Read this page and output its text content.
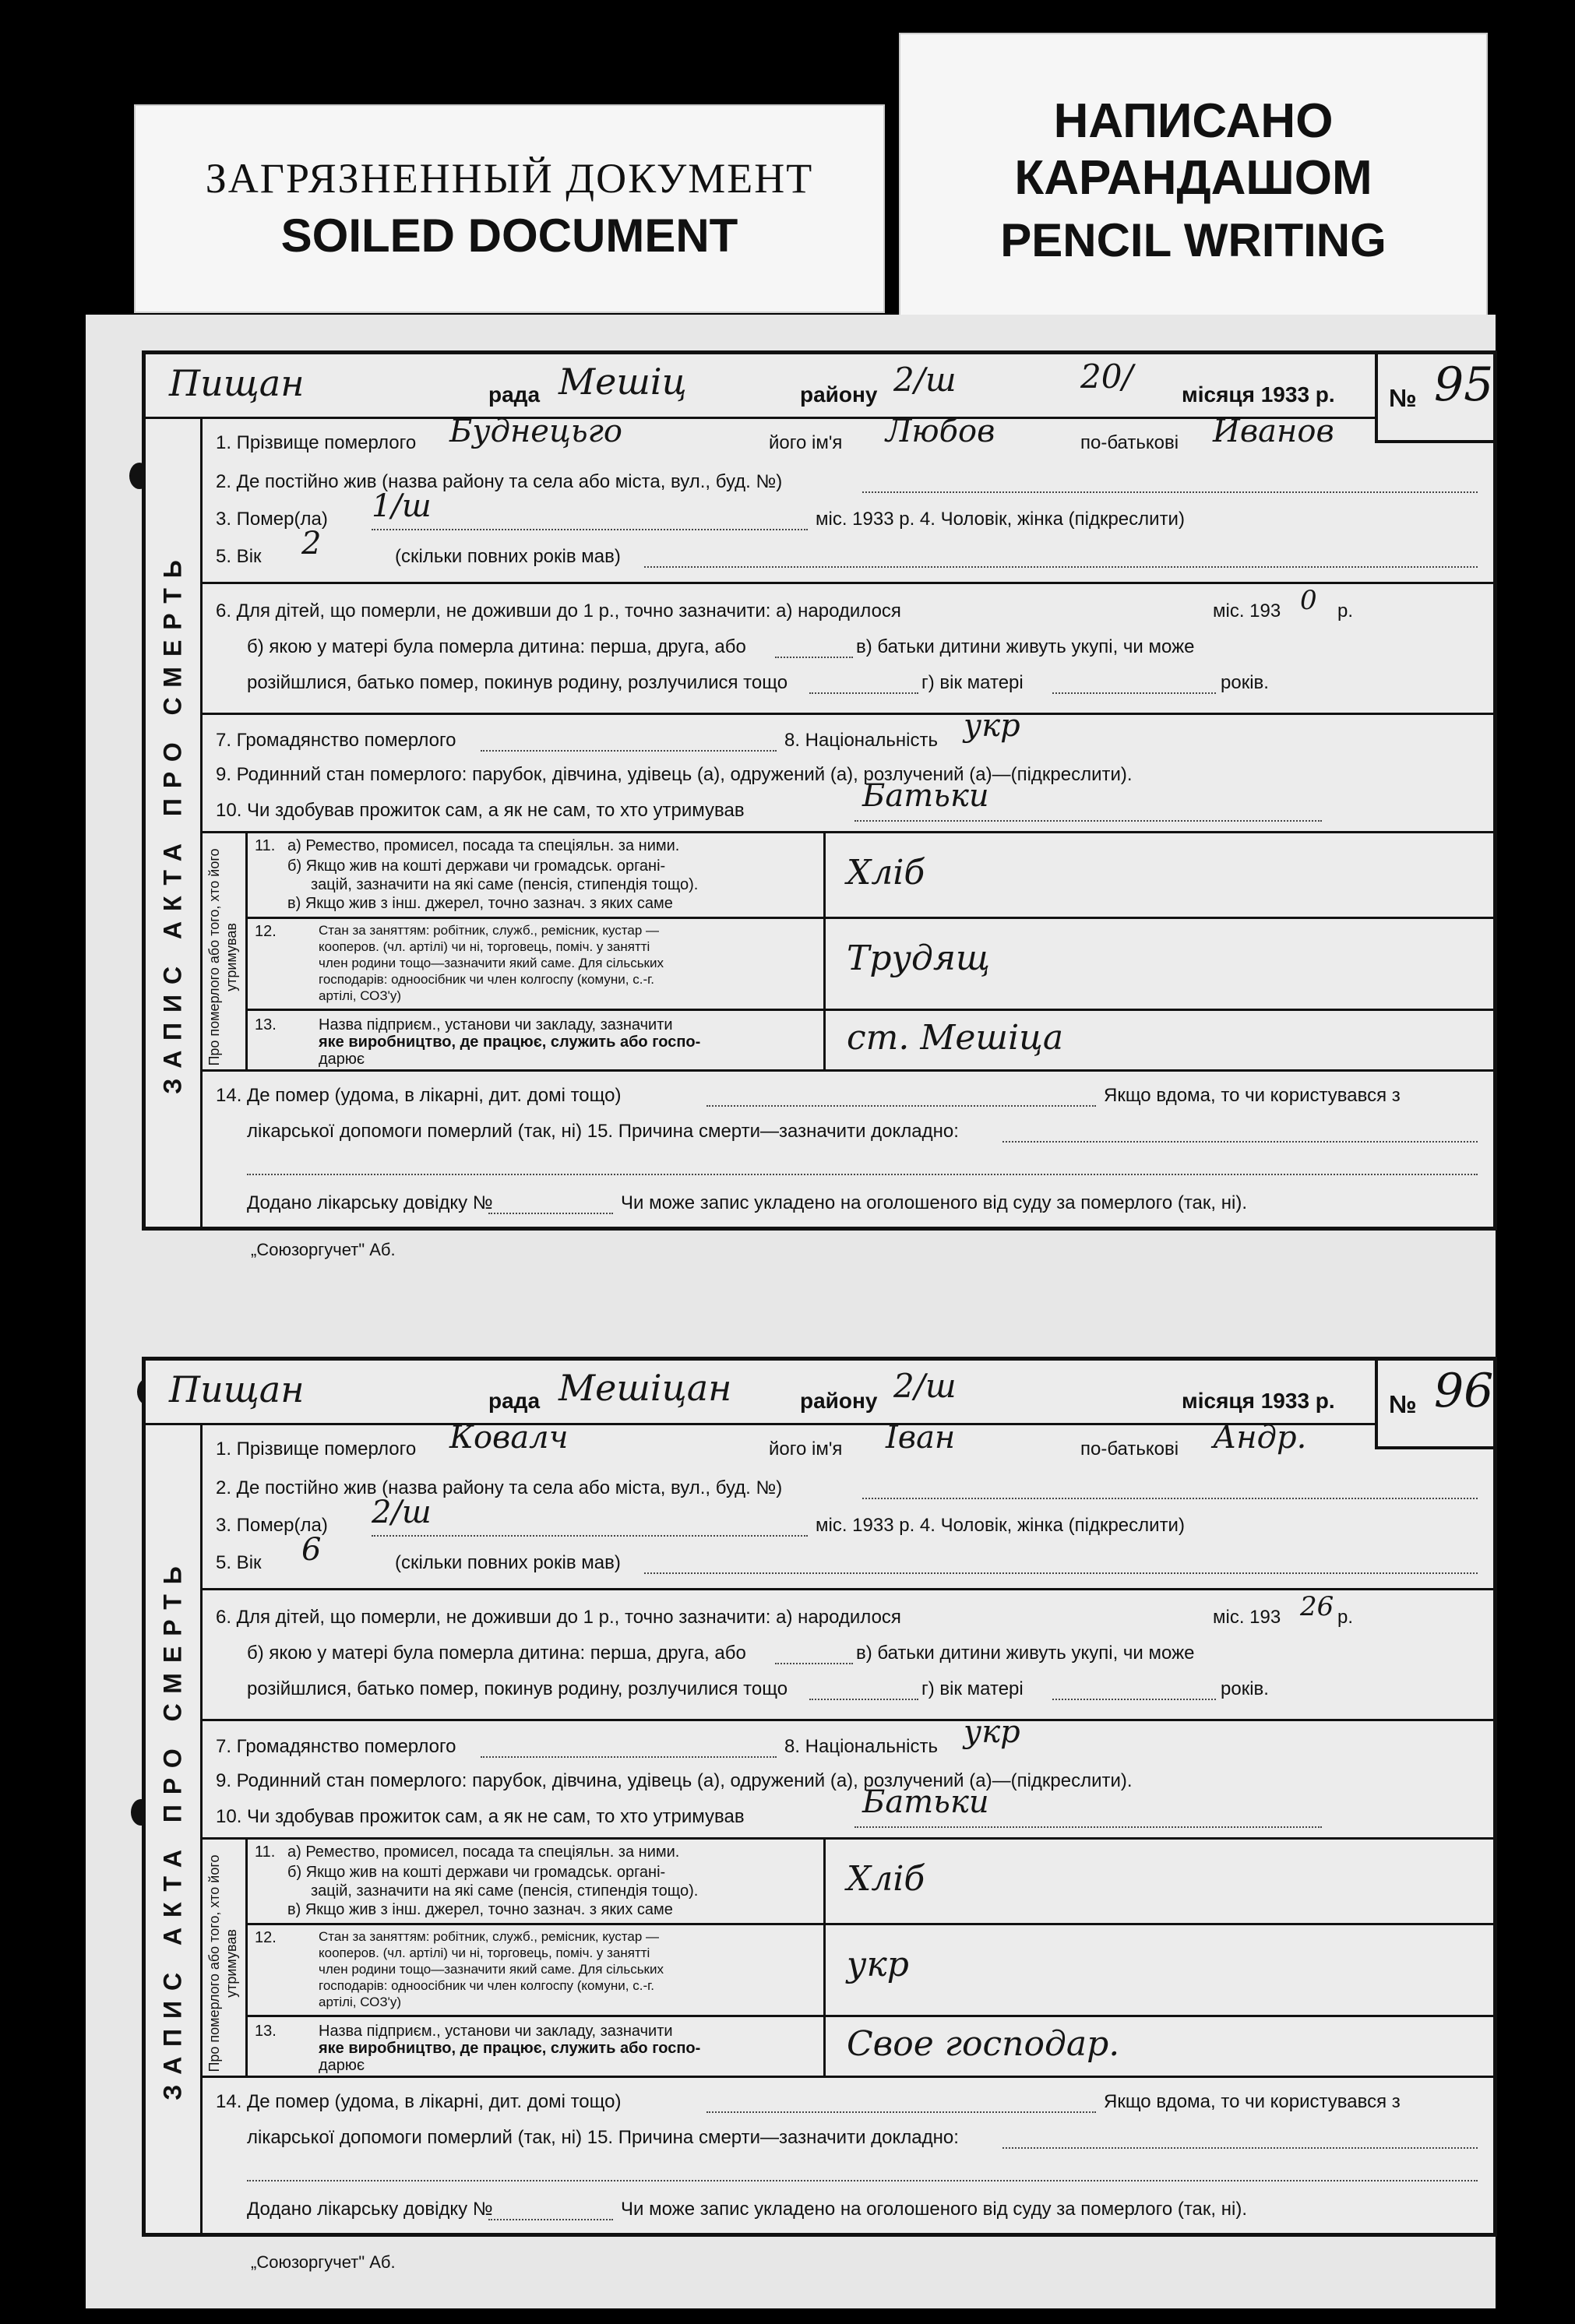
ЗАГРЯЗНЕННЫЙ ДОКУМЕНТ
SOILED DOCUMENT
НАПИСАНО
КАРАНДАШОМ
PENCIL WRITING
Пищан	рада Мешіц	району 2/ш	20/ місяця 1933 р. № 95
ЗАПИС АКТА ПРО СМЕРТЬ
1. Прізвище померлого Буднецьго	його ім'я Любов	по-батькові Иванов
2. Де постійно жив (назва району та села або міста, вул., буд. №)
3. Помер(ла) 1/ш	міс. 1933 р. 4. Чоловік, жінка (підкреслити)
5. Вік 2	(скільки повних років мав)
6. Для дітей, що померли, не доживши до 1 р., точно зазначити: а) народилося	міс. 193 0 р.
б) якою у матері була померла дитина: перша, друга, або	в) батьки дитини живуть укупі, чи може
розійшлися, батько помер, покинув родину, розлучилися тощо	г) вік матері	років.
7. Громадянство померлого	8. Національність укр
9. Родинний стан померлого: парубок, дівчина, удівець (а), одружений (а), розлучений (а)—(підкреслити).
10. Чи здобував прожиток сам, а як не сам, то хто утримував	Батьки
Про померлого або того, хто його утримував
11. а) Ремество, промисел, посада та спеціяльн. за ними.
б) Якщо жив на коштi держави чи громадськ. органі-
зацій, зазначити на які саме (пенсія, стипендія тощо).
в) Якщо жив з інш. джерел, точно зазнач. з яких саме
Хліб
12.	Стан за заняттям: робітник, служб., ремісник, кустар —
кооперов. (чл. артілі) чи ні, торговець, поміч. у занятті
член родини тощо—зазначити який саме. Для сільських
господарів: одноосібник чи член колгоспу (комуни, с.-г.
артілі, СОЗ'у)
Трудящ
13.	Назва підприєм., установи чи закладу, зазначити
яке виробництво, де працює, служить або госпо-
дарює
ст. Мешіца
14. Де помер (удома, в лікарні, дит. домі тощо)	Якщо вдома, то чи користувався з
лікарської допомоги померлий (так, ні) 15. Причина смерти—зазначити докладно:
Додано лікарську довідку №	Чи може запис укладено на оголошеного від суду за померлого (так, ні).
Пищан	рада Мешіцан	району 2/ш	місяця 1933 р. № 96
ЗАПИС АКТА ПРО СМЕРТЬ
1. Прізвище померлого Ковалч	його ім'я Іван	по-батькові Андр.
2. Де постійно жив (назва району та села або міста, вул., буд. №)
3. Помер(ла) 2/ш	міс. 1933 р. 4. Чоловік, жінка (підкреслити)
5. Вік 6	(скільки повних років мав)
6. Для дітей, що померли, не доживши до 1 р., точно зазначити: а) народилося	міс. 193 26 р.
б) якою у матері була померла дитина: перша, друга, або	в) батьки дитини живуть укупі, чи може
розійшлися, батько помер, покинув родину, розлучилися тощо	г) вік матері	років.
7. Громадянство померлого	8. Національність укр
9. Родинний стан померлого: парубок, дівчина, удівець (а), одружений (а), розлучений (а)—(підкреслити).
10. Чи здобував прожиток сам, а як не сам, то хто утримував	Батьки
Про померлого або того, хто його утримував
11. а) Ремество, промисел, посада та спеціяльн. за ними.
б) Якщо жив на коштi держави чи громадськ. органі-
зацій, зазначити на які саме (пенсія, стипендія тощо).
в) Якщо жив з інш. джерел, точно зазнач. з яких саме
Хліб
12.	Стан за заняттям: робітник, служб., ремісник, кустар —
кооперов. (чл. артілі) чи ні, торговець, поміч. у занятті
член родини тощо—зазначити який саме. Для сільських
господарів: одноосібник чи член колгоспу (комуни, с.-г.
артілі, СОЗ'у)
укр
13.	Назва підприєм., установи чи закладу, зазначити
яке виробництво, де працює, служить або госпо-
дарює
Свое господар.
14. Де помер (удома, в лікарні, дит. домі тощо)	Якщо вдома, то чи користувався з
лікарської допомоги померлий (так, ні) 15. Причина смерти—зазначити докладно:
Додано лікарську довідку №	Чи може запис укладено на оголошеного від суду за померлого (так, ні).
„Союзоргучет" Аб.
„Союзоргучет" Аб.
